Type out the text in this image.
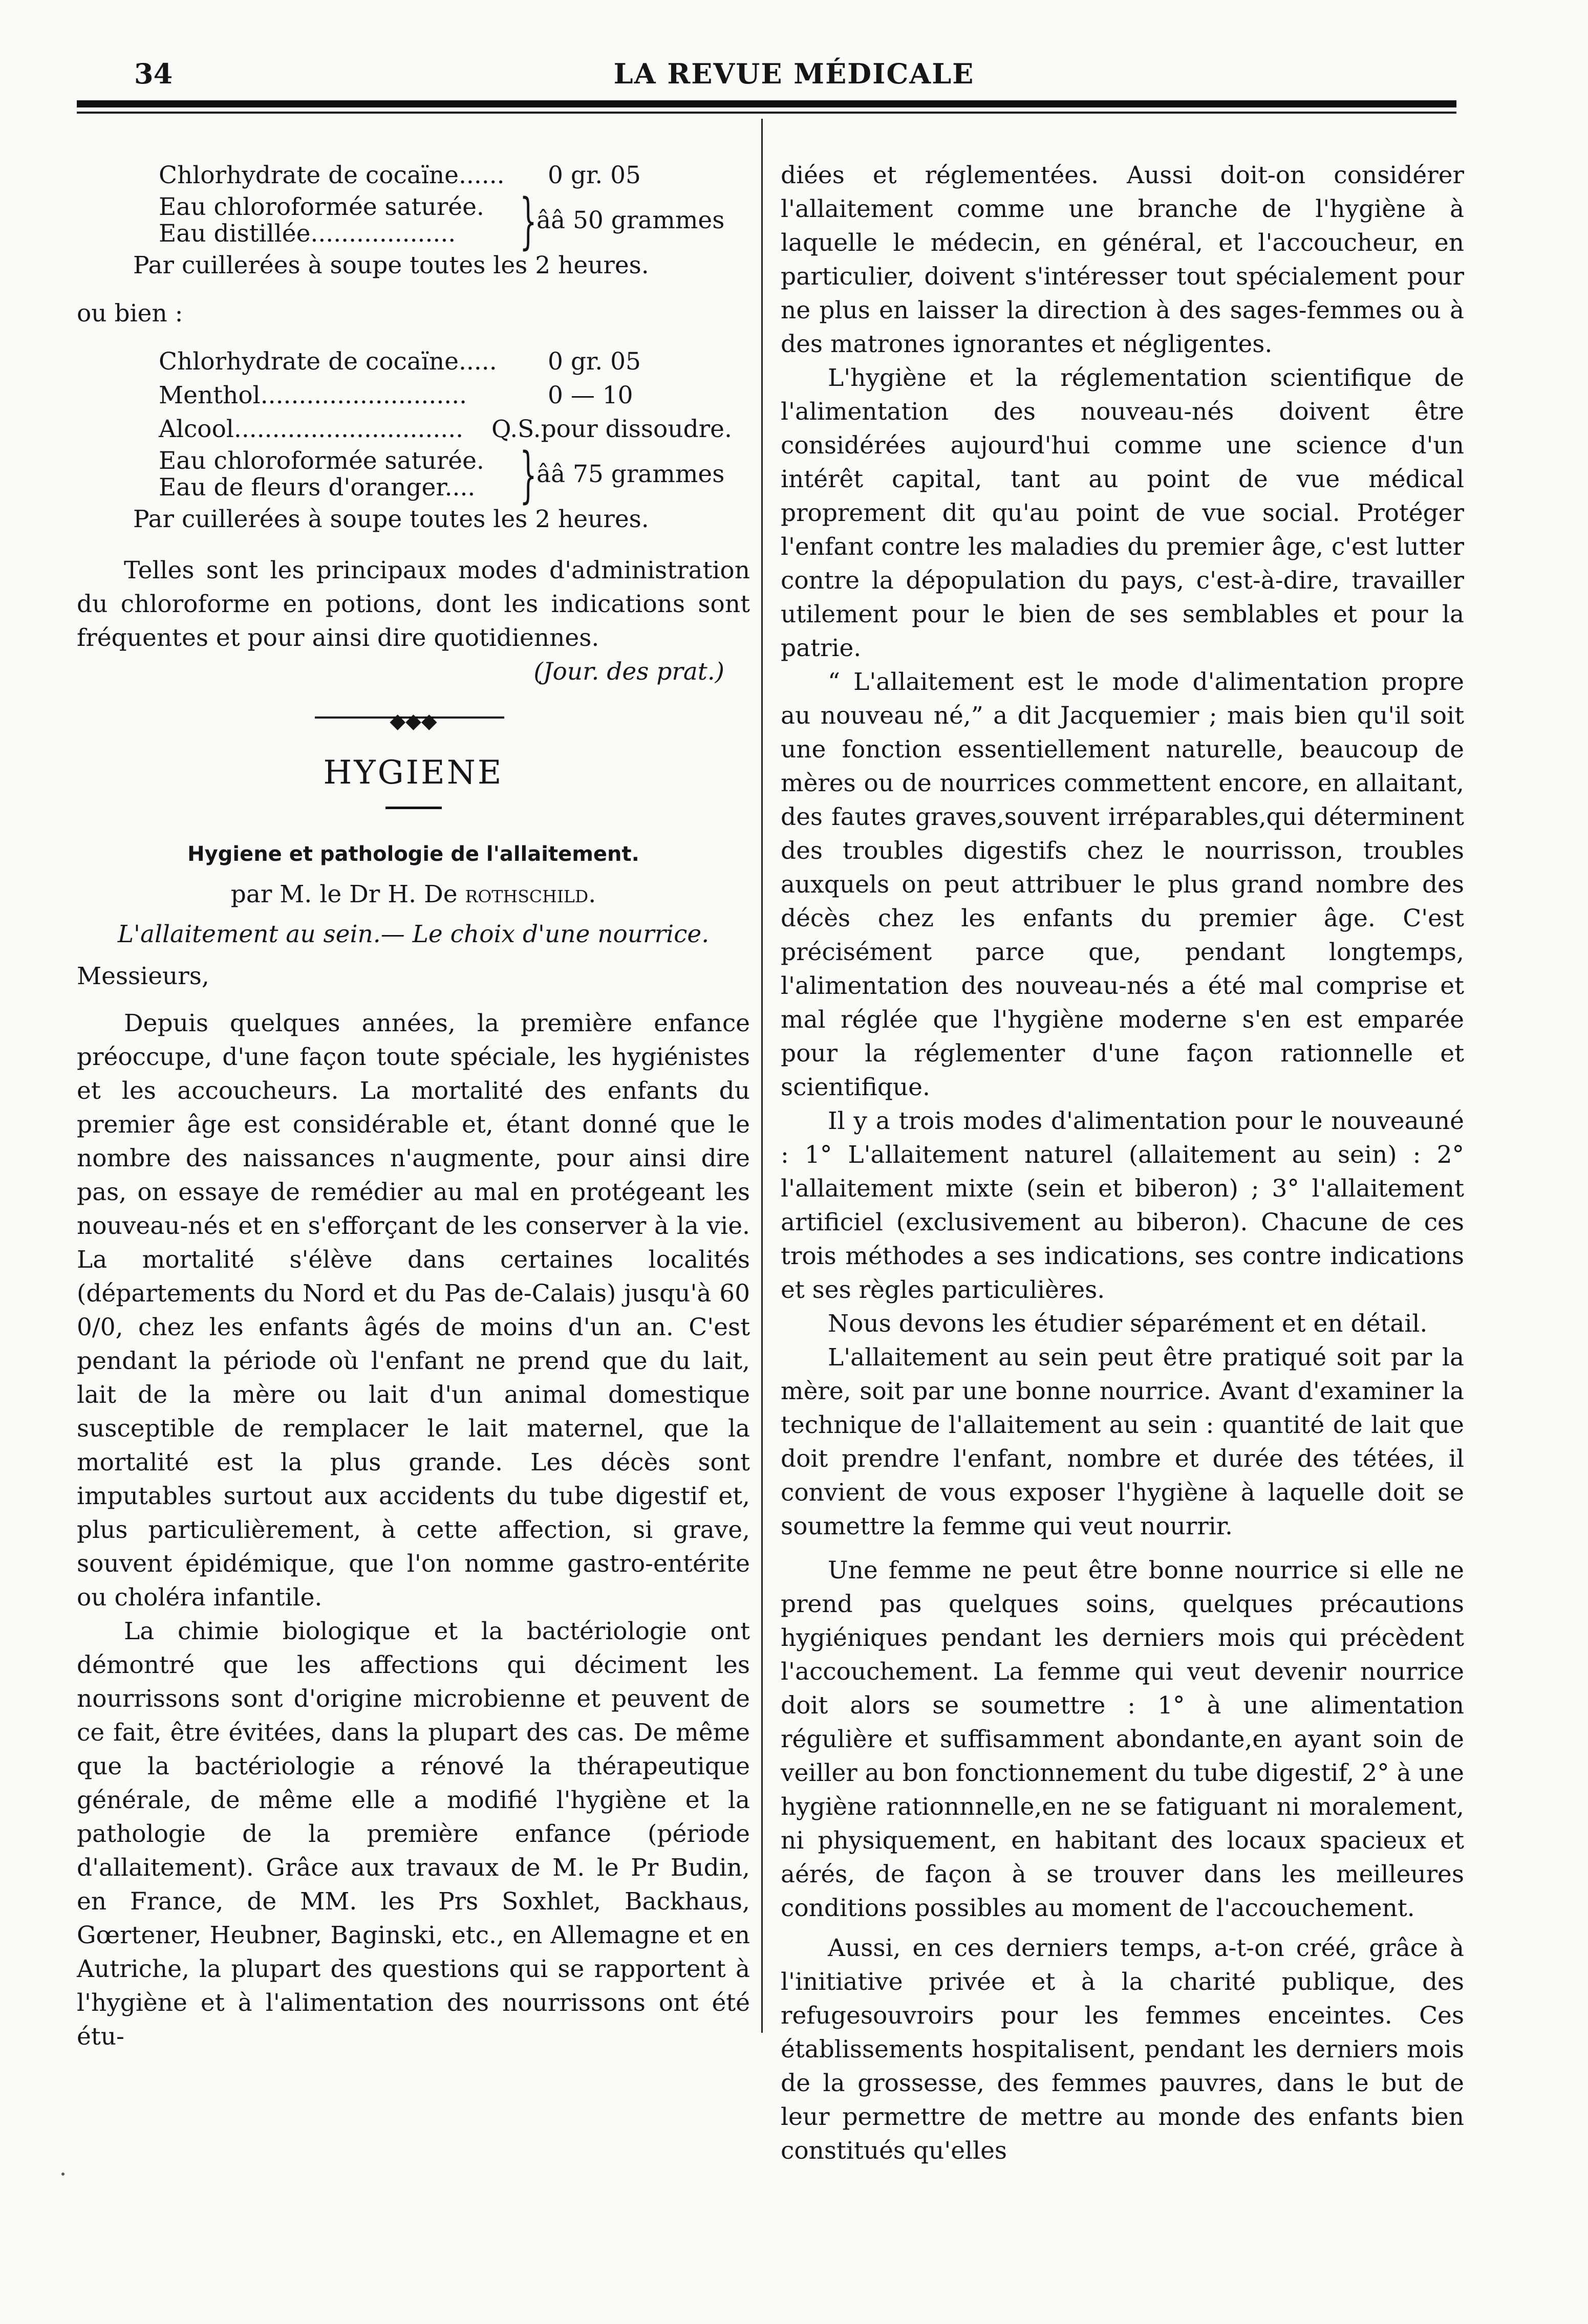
34	LA REVUE MÉDICALE
Chlorhydrate de cocaïne......	0 gr. 05
Eau chloroformée saturée.
Eau distillée...................	} ââ 50 grammes
Par cuillerées à soupe toutes les 2 heures.
ou bien :
Chlorhydrate de cocaïne.....	0 gr. 05
Menthol...........................	0 — 10
Alcool..............................	Q.S.pour dissoudre.
Eau chloroformée saturée.
Eau de fleurs d'oranger.... } ââ 75 grammes
Par cuillerées à soupe toutes les 2 heures.

Telles sont les principaux modes d'administration du chloroforme en potions, dont les indications sont fréquentes et pour ainsi dire quotidiennes.

(Jour. des prat.)
◆◆◆
HYGIENE
Hygiene et pathologie de l'allaitement.
par M. le Dr H. De rothschild.
L'allaitement au sein.— Le choix d'une nourrice.

Messieurs,

Depuis quelques années, la première enfance préoccupe, d'une façon toute spéciale, les hygiénistes et les accoucheurs. La mortalité des enfants du premier âge est considérable et, étant donné que le nombre des naissances n'augmente, pour ainsi dire pas, on essaye de remédier au mal en protégeant les nouveau-nés et en s'efforçant de les conserver à la vie. La mortalité s'élève dans certaines localités (départements du Nord et du Pas de-Calais) jusqu'à 60 0/0, chez les enfants âgés de moins d'un an. C'est pendant la période où l'enfant ne prend que du lait, lait de la mère ou lait d'un animal domestique susceptible de remplacer le lait maternel, que la mortalité est la plus grande. Les décès sont imputables surtout aux accidents du tube digestif et, plus particulièrement, à cette affection, si grave, souvent épidémique, que l'on nomme gastro-entérite ou choléra infantile.

La chimie biologique et la bactériologie ont démontré que les affections qui déciment les nourrissons sont d'origine microbienne et peuvent de ce fait, être évitées, dans la plupart des cas. De même que la bactériologie a rénové la thérapeutique générale, de même elle a modifié l'hygiène et la pathologie de la première enfance (période d'allaitement). Grâce aux travaux de M. le Pr Budin, en France, de MM. les Prs Soxhlet, Backhaus, Gœrtener, Heubner, Baginski, etc., en Allemagne et en Autriche, la plupart des questions qui se rapportent à l'hygiène et à l'alimentation des nourrissons ont été étu-

diées et réglementées. Aussi doit-on considérer l'allaitement comme une branche de l'hygiène à laquelle le médecin, en général, et l'accoucheur, en particulier, doivent s'intéresser tout spécialement pour ne plus en laisser la direction à des sages-femmes ou à des matrones ignorantes et négligentes.

L'hygiène et la réglementation scientifique de l'alimentation des nouveau-nés doivent être considérées aujourd'hui comme une science d'un intérêt capital, tant au point de vue médical proprement dit qu'au point de vue social. Protéger l'enfant contre les maladies du premier âge, c'est lutter contre la dépopulation du pays, c'est-à-dire, travailler utilement pour le bien de ses semblables et pour la patrie.

“ L'allaitement est le mode d'alimentation propre au nouveau né,” a dit Jacquemier ; mais bien qu'il soit une fonction essentiellement naturelle, beaucoup de mères ou de nourrices commettent encore, en allaitant, des fautes graves,souvent irréparables,qui déterminent des troubles digestifs chez le nourrisson, troubles auxquels on peut attribuer le plus grand nombre des décès chez les enfants du premier âge. C'est précisément parce que, pendant longtemps, l'alimentation des nouveau-nés a été mal comprise et mal réglée que l'hygiène moderne s'en est emparée pour la réglementer d'une façon rationnelle et scientifique.

Il y a trois modes d'alimentation pour le nouveauné : 1° L'allaitement naturel (allaitement au sein) : 2° l'allaitement mixte (sein et biberon) ; 3° l'allaitement artificiel (exclusivement au biberon). Chacune de ces trois méthodes a ses indications, ses contre indications et ses règles particulières.

Nous devons les étudier séparément et en détail.

L'allaitement au sein peut être pratiqué soit par la mère, soit par une bonne nourrice. Avant d'examiner la technique de l'allaitement au sein : quantité de lait que doit prendre l'enfant, nombre et durée des tétées, il convient de vous exposer l'hygiène à laquelle doit se soumettre la femme qui veut nourrir.

Une femme ne peut être bonne nourrice si elle ne prend pas quelques soins, quelques précautions hygiéniques pendant les derniers mois qui précèdent l'accouchement. La femme qui veut devenir nourrice doit alors se soumettre : 1° à une alimentation régulière et suffisamment abondante,en ayant soin de veiller au bon fonctionnement du tube digestif, 2° à une hygiène rationnnelle,en ne se fatiguant ni moralement, ni physiquement, en habitant des locaux spacieux et aérés, de façon à se trouver dans les meilleures conditions possibles au moment de l'accouchement.

Aussi, en ces derniers temps, a-t-on créé, grâce à l'initiative privée et à la charité publique, des refugesouvroirs pour les femmes enceintes. Ces établissements hospitalisent, pendant les derniers mois de la grossesse, des femmes pauvres, dans le but de leur permettre de mettre au monde des enfants bien constitués qu'elles
